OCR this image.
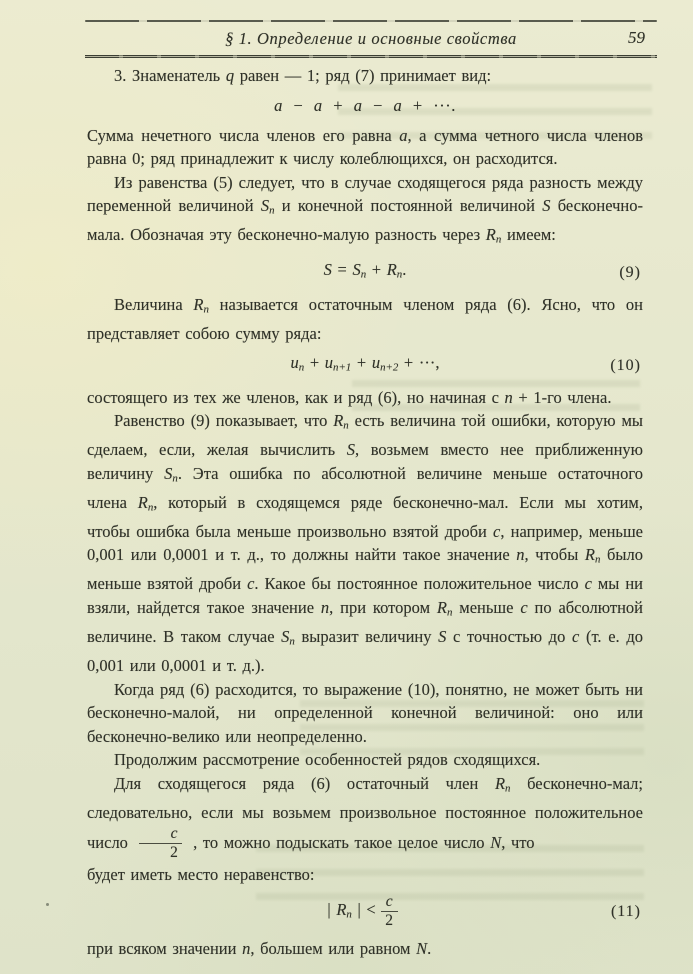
§ 1. Определение и основные свойства	59

3. Знаменатель q равен — 1; ряд (7) принимает вид:

a − a + a − a + ···.

Сумма нечетного числа членов его равна a, а сумма четного числа членов равна 0; ряд принадлежит к числу колеблющихся, он расходится.

Из равенства (5) следует, что в случае сходящегося ряда разность между переменной величиной Sn и конечной постоянной величиной S бесконечно-мала. Обозначая эту бесконечно-малую разность через Rn имеем:

S = Sn + Rn.	(9)

Величина Rn называется остаточным членом ряда (6). Ясно, что он представляет собою сумму ряда:

un + un+1 + un+2 + ···,	(10)

состоящего из тех же членов, как и ряд (6), но начиная с n + 1-го члена.

Равенство (9) показывает, что Rn есть величина той ошибки, которую мы сделаем, если, желая вычислить S, возьмем вместо нее приближенную величину Sn. Эта ошибка по абсолютной величине меньше остаточного члена Rn, который в сходящемся ряде бесконечно-мал. Если мы хотим, чтобы ошибка была меньше произвольно взятой дроби c, например, меньше 0,001 или 0,0001 и т. д., то должны найти такое значение n, чтобы Rn было меньше взятой дроби c. Какое бы постоянное положительное число c мы ни взяли, найдется такое значение n, при котором Rn меньше c по абсолютной величине. В таком случае Sn выразит величину S с точностью до c (т. е. до 0,001 или 0,0001 и т. д.).

Когда ряд (6) расходится, то выражение (10), понятно, не может быть ни бесконечно-малой, ни определенной конечной величиной: оно или бесконечно-велико или неопределенно.

Продолжим рассмотрение особенностей рядов сходящихся.

Для сходящегося ряда (6) остаточный член Rn бесконечно-мал; следовательно, если мы возьмем произвольное постоянное положительное число $\frac{c}{2}$ , то можно подыскать такое целое число N, что

будет иметь место неравенство:

| Rn | < $\frac{c}{2}$	(11)

при всяком значении n, большем или равном N.
